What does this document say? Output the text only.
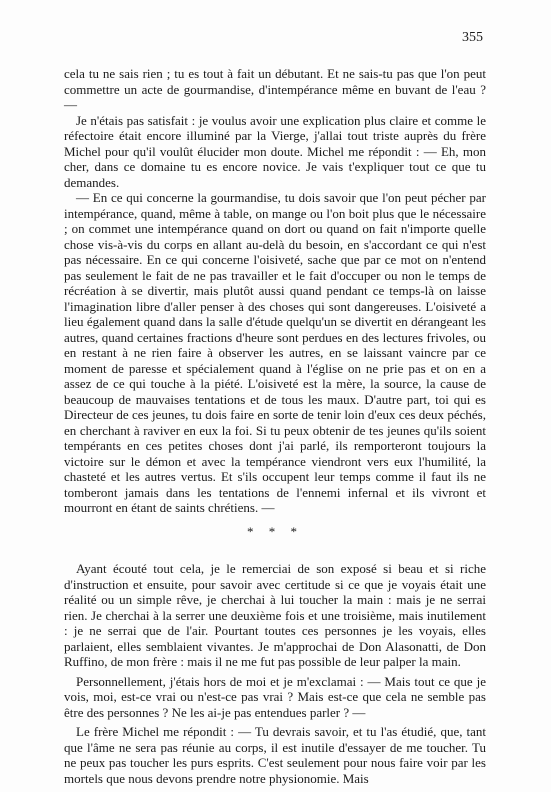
355

cela tu ne sais rien ; tu es tout à fait un débutant. Et ne sais-tu pas que l'on peut commettre un acte de gourmandise, d'intempérance même en buvant de l'eau ? —

Je n'étais pas satisfait : je voulus avoir une explication plus claire et comme le réfectoire était encore illuminé par la Vierge, j'allai tout triste auprès du frère Michel pour qu'il voulût élucider mon doute. Michel me répondit : — Eh, mon cher, dans ce domaine tu es encore novice. Je vais t'expliquer tout ce que tu demandes.

— En ce qui concerne la gourmandise, tu dois savoir que l'on peut pécher par intempérance, quand, même à table, on mange ou l'on boit plus que le nécessaire ; on commet une intempérance quand on dort ou quand on fait n'importe quelle chose vis-à-vis du corps en allant au-delà du besoin, en s'accordant ce qui n'est pas nécessaire. En ce qui concerne l'oisiveté, sache que par ce mot on n'entend pas seulement le fait de ne pas travailler et le fait d'occuper ou non le temps de récréation à se divertir, mais plutôt aussi quand pendant ce temps-là on laisse l'imagination libre d'aller penser à des choses qui sont dangereuses. L'oisiveté a lieu également quand dans la salle d'étude quelqu'un se divertit en dérangeant les autres, quand certaines fractions d'heure sont perdues en des lectures frivoles, ou en restant à ne rien faire à observer les autres, en se laissant vaincre par ce moment de paresse et spécialement quand à l'église on ne prie pas et on en a assez de ce qui touche à la piété. L'oisiveté est la mère, la source, la cause de beaucoup de mauvaises tentations et de tous les maux. D'autre part, toi qui es Directeur de ces jeunes, tu dois faire en sorte de tenir loin d'eux ces deux péchés, en cherchant à raviver en eux la foi. Si tu peux obtenir de tes jeunes qu'ils soient tempérants en ces petites choses dont j'ai parlé, ils remporteront toujours la victoire sur le démon et avec la tempérance viendront vers eux l'humilité, la chasteté et les autres vertus. Et s'ils occupent leur temps comme il faut ils ne tomberont jamais dans les tentations de l'ennemi infernal et ils vivront et mourront en étant de saints chrétiens. —

* * *

Ayant écouté tout cela, je le remerciai de son exposé si beau et si riche d'instruction et ensuite, pour savoir avec certitude si ce que je voyais était une réalité ou un simple rêve, je cherchai à lui toucher la main : mais je ne serrai rien. Je cherchai à la serrer une deuxième fois et une troisième, mais inutilement : je ne serrai que de l'air. Pourtant toutes ces personnes je les voyais, elles parlaient, elles semblaient vivantes. Je m'approchai de Don Alasonatti, de Don Ruffino, de mon frère : mais il ne me fut pas possible de leur palper la main.

Personnellement, j'étais hors de moi et je m'exclamai : — Mais tout ce que je vois, moi, est-ce vrai ou n'est-ce pas vrai ? Mais est-ce que cela ne semble pas être des personnes ? Ne les ai-je pas entendues parler ? —

Le frère Michel me répondit : — Tu devrais savoir, et tu l'as étudié, que, tant que l'âme ne sera pas réunie au corps, il est inutile d'essayer de me toucher. Tu ne peux pas toucher les purs esprits. C'est seulement pour nous faire voir par les mortels que nous devons prendre notre physionomie. Mais
